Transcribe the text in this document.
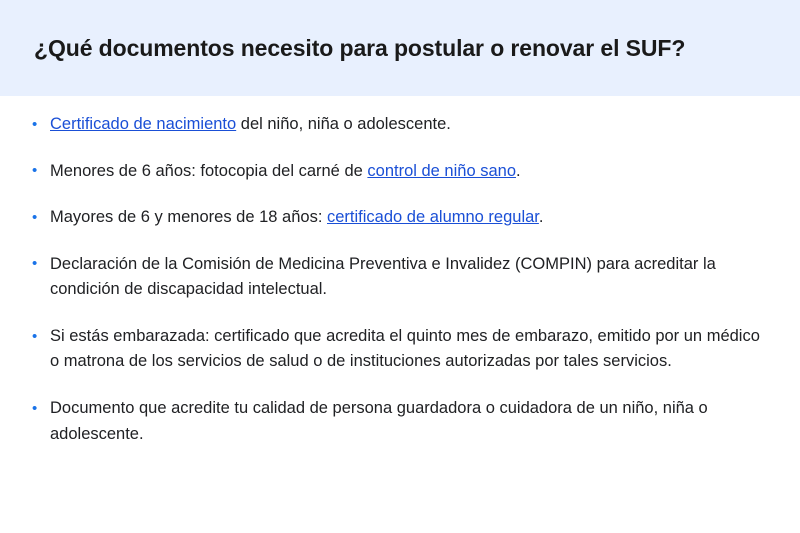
¿Qué documentos necesito para postular o renovar el SUF?
• Certificado de nacimiento del niño, niña o adolescente.
• Menores de 6 años: fotocopia del carné de control de niño sano.
• Mayores de 6 y menores de 18 años: certificado de alumno regular.
• Declaración de la Comisión de Medicina Preventiva e Invalidez (COMPIN) para acreditar la condición de discapacidad intelectual.
• Si estás embarazada: certificado que acredita el quinto mes de embarazo, emitido por un médico o matrona de los servicios de salud o de instituciones autorizadas por tales servicios.
• Documento que acredite tu calidad de persona guardadora o cuidadora de un niño, niña o adolescente.
